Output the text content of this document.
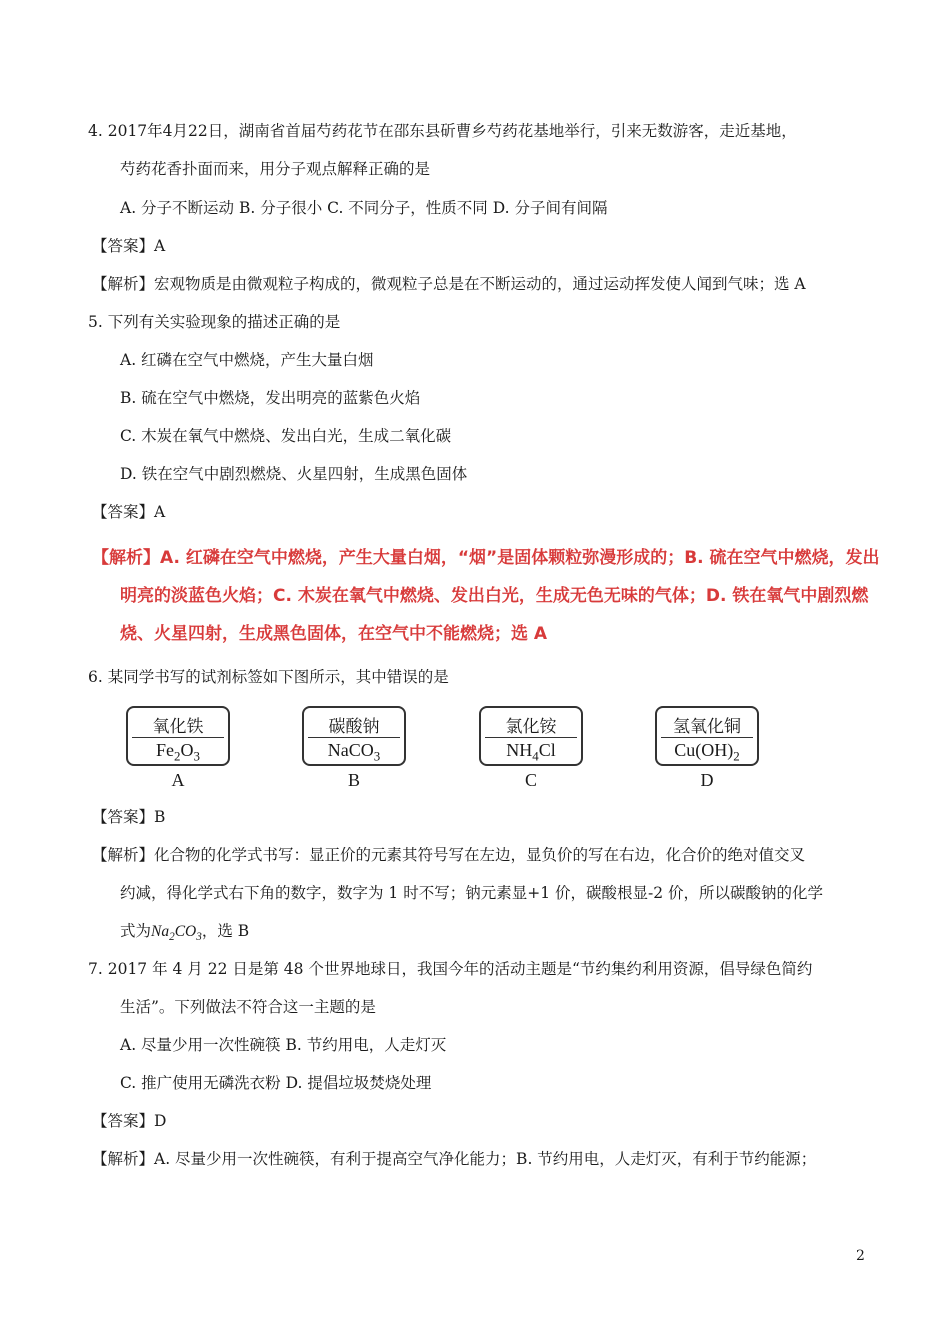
4. 2017年4月22日，湖南省首届芍药花节在邵东县斫曹乡芍药花基地举行，引来无数游客，走近基地，
芍药花香扑面而来，用分子观点解释正确的是
A. 分子不断运动 B. 分子很小 C. 不同分子，性质不同 D. 分子间有间隔
【答案】A
【解析】宏观物质是由微观粒子构成的，微观粒子总是在不断运动的，通过运动挥发使人闻到气味；选 A
5. 下列有关实验现象的描述正确的是
A. 红磷在空气中燃烧，产生大量白烟
B. 硫在空气中燃烧，发出明亮的蓝紫色火焰
C. 木炭在氧气中燃烧、发出白光，生成二氧化碳
D. 铁在空气中剧烈燃烧、火星四射，生成黑色固体
【答案】A
【解析】A. 红磷在空气中燃烧，产生大量白烟，“烟”是固体颗粒弥漫形成的；B. 硫在空气中燃烧，发出
明亮的淡蓝色火焰；C. 木炭在氧气中燃烧、发出白光，生成无色无味的气体；D. 铁在氧气中剧烈燃
烧、火星四射，生成黑色固体，在空气中不能燃烧；选 A
6. 某同学书写的试剂标签如下图所示，其中错误的是
氧化铁
$Fe_2O_3$
A
碳酸钠
NaCO$_3$
B
氯化铵
$NH_4Cl$
C
氢氧化铜
$Cu(OH)_2$
D
【答案】B
【解析】化合物的化学式书写：显正价的元素其符号写在左边，显负价的写在右边，化合价的绝对值交叉
约减，得化学式右下角的数字，数字为 1 时不写；钠元素显+1 价，碳酸根显-2 价，所以碳酸钠的化学
式为$Na_2CO_3$，选 B
7. 2017 年 4 月 22 日是第 48 个世界地球日，我国今年的活动主题是“节约集约利用资源，倡导绿色简约
生活”。下列做法不符合这一主题的是
A. 尽量少用一次性碗筷 B. 节约用电，人走灯灭
C. 推广使用无磷洗衣粉 D. 提倡垃圾焚烧处理
【答案】D
【解析】A. 尽量少用一次性碗筷，有利于提高空气净化能力；B. 节约用电，人走灯灭，有利于节约能源；
2
